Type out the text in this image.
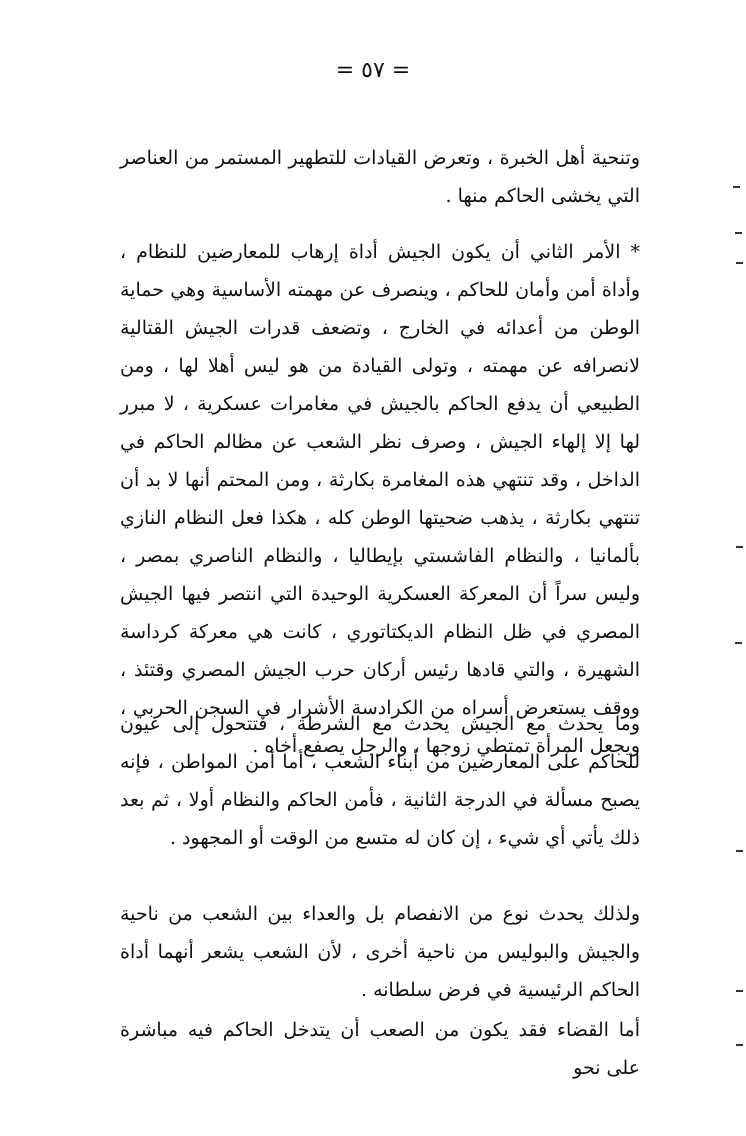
= ٥٧ =

وتنحية أهل الخبرة ، وتعرض القيادات للتطهير المستمر من العناصر التي يخشى الحاكم منها .

* الأمر الثاني أن يكون الجيش أداة إرهاب للمعارضين للنظام ، وأداة أمن وأمان للحاكم ، وينصرف عن مهمته الأساسية وهي حماية الوطن من أعدائه في الخارج ، وتضعف قدرات الجيش القتالية لانصرافه عن مهمته ، وتولى القيادة من هو ليس أهلا لها ، ومن الطبيعي أن يدفع الحاكم بالجيش في مغامرات عسكرية ، لا مبرر لها إلا إلهاء الجيش ، وصرف نظر الشعب عن مظالم الحاكم في الداخل ، وقد تنتهي هذه المغامرة بكارثة ، ومن المحتم أنها لا بد أن تنتهي بكارثة ، يذهب ضحيتها الوطن كله ، هكذا فعل النظام النازي بألمانيا ، والنظام الفاشستي بإيطاليا ، والنظام الناصري بمصر ، وليس سراً أن المعركة العسكرية الوحيدة التي انتصر فيها الجيش المصري في ظل النظام الديكتاتوري ، كانت هي معركة كرداسة الشهيرة ، والتي قادها رئيس أركان حرب الجيش المصري وقتئذ ، ووقف يستعرض أسراه من الكرادسة الأشرار في السجن الحربي ، ويجعل المرأة تمتطي زوجها ، والرجل يصفع أخاه .

وما يحدث مع الجيش يحدث مع الشرطة ، فتتحول إلى عيون للحاكم على المعارضين من أبناء الشعب ، أما أمن المواطن ، فإنه يصبح مسألة في الدرجة الثانية ، فأمن الحاكم والنظام أولا ، ثم بعد ذلك يأتي أي شيء ، إن كان له متسع من الوقت أو المجهود .

ولذلك يحدث نوع من الانفصام بل والعداء بين الشعب من ناحية والجيش والبوليس من ناحية أخرى ، لأن الشعب يشعر أنهما أداة الحاكم الرئيسية في فرض سلطانه .

أما القضاء فقد يكون من الصعب أن يتدخل الحاكم فيه مباشرة على نحو
